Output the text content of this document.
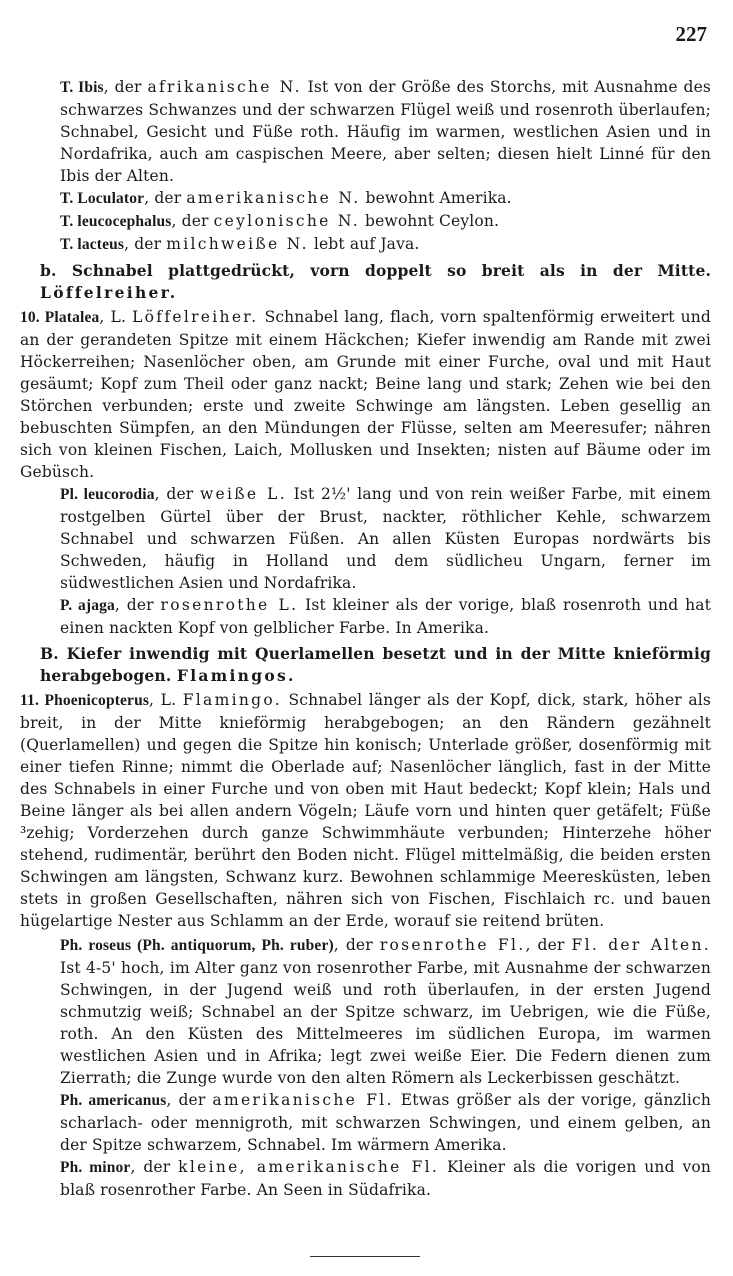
227

T. Ibis, der afrikanische N. Ist von der Größe des Storchs, mit Ausnahme des schwarzes Schwanzes und der schwarzen Flügel weiß und rosenroth überlaufen; Schnabel, Gesicht und Füße roth. Häufig im warmen, westlichen Asien und in Nordafrika, auch am caspischen Meere, aber selten; diesen hielt Linné für den Ibis der Alten.

T. Loculator, der amerikanische N. bewohnt Amerika.

T. leucocephalus, der ceylonische N. bewohnt Ceylon.

T. lacteus, der milchweiße N. lebt auf Java.

b. Schnabel plattgedrückt, vorn doppelt so breit als in der Mitte. Löffelreiher.

10. Platalea, L. Löffelreiher. Schnabel lang, flach, vorn spaltenförmig erweitert und an der gerandeten Spitze mit einem Häckchen; Kiefer inwendig am Rande mit zwei Höckerreihen; Nasenlöcher oben, am Grunde mit einer Furche, oval und mit Haut gesäumt; Kopf zum Theil oder ganz nackt; Beine lang und stark; Zehen wie bei den Störchen verbunden; erste und zweite Schwinge am längsten. Leben gesellig an bebuschten Sümpfen, an den Mündungen der Flüsse, selten am Meeresufer; nähren sich von kleinen Fischen, Laich, Mollusken und Insekten; nisten auf Bäume oder im Gebüsch.

Pl. leucorodia, der weiße L. Ist 2½' lang und von rein weißer Farbe, mit einem rostgelben Gürtel über der Brust, nackter, röthlicher Kehle, schwarzem Schnabel und schwarzen Füßen. An allen Küsten Europas nordwärts bis Schweden, häufig in Holland und dem südlicheu Ungarn, ferner im südwestlichen Asien und Nordafrika.

P. ajaga, der rosenrothe L. Ist kleiner als der vorige, blaß rosenroth und hat einen nackten Kopf von gelblicher Farbe. In Amerika.

B. Kiefer inwendig mit Querlamellen besetzt und in der Mitte knieförmig herabgebogen. Flamingos.

11. Phoenicopterus, L. Flamingo. Schnabel länger als der Kopf, dick, stark, höher als breit, in der Mitte knieförmig herabgebogen; an den Rändern gezähnelt (Querlamellen) und gegen die Spitze hin konisch; Unterlade größer, dosenförmig mit einer tiefen Rinne; nimmt die Oberlade auf; Nasenlöcher länglich, fast in der Mitte des Schnabels in einer Furche und von oben mit Haut bedeckt; Kopf klein; Hals und Beine länger als bei allen andern Vögeln; Läufe vorn und hinten quer getäfelt; Füße ³zehig; Vorderzehen durch ganze Schwimmhäute verbunden; Hinterzehe höher stehend, rudimentär, berührt den Boden nicht. Flügel mittelmäßig, die beiden ersten Schwingen am längsten, Schwanz kurz. Bewohnen schlammige Meeresküsten, leben stets in großen Gesellschaften, nähren sich von Fischen, Fischlaich rc. und bauen hügelartige Nester aus Schlamm an der Erde, worauf sie reitend brüten.

Ph. roseus (Ph. antiquorum, Ph. ruber), der rosenrothe Fl., der Fl. der Alten. Ist 4-5' hoch, im Alter ganz von rosenrother Farbe, mit Ausnahme der schwarzen Schwingen, in der Jugend weiß und roth überlaufen, in der ersten Jugend schmutzig weiß; Schnabel an der Spitze schwarz, im Uebrigen, wie die Füße, roth. An den Küsten des Mittelmeeres im südlichen Europa, im warmen westlichen Asien und in Afrika; legt zwei weiße Eier. Die Federn dienen zum Zierrath; die Zunge wurde von den alten Römern als Leckerbissen geschätzt.

Ph. americanus, der amerikanische Fl. Etwas größer als der vorige, gänzlich scharlach- oder mennigroth, mit schwarzen Schwingen, und einem gelben, an der Spitze schwarzem, Schnabel. Im wärmern Amerika.

Ph. minor, der kleine, amerikanische Fl. Kleiner als die vorigen und von blaß rosenrother Farbe. An Seen in Südafrika.
